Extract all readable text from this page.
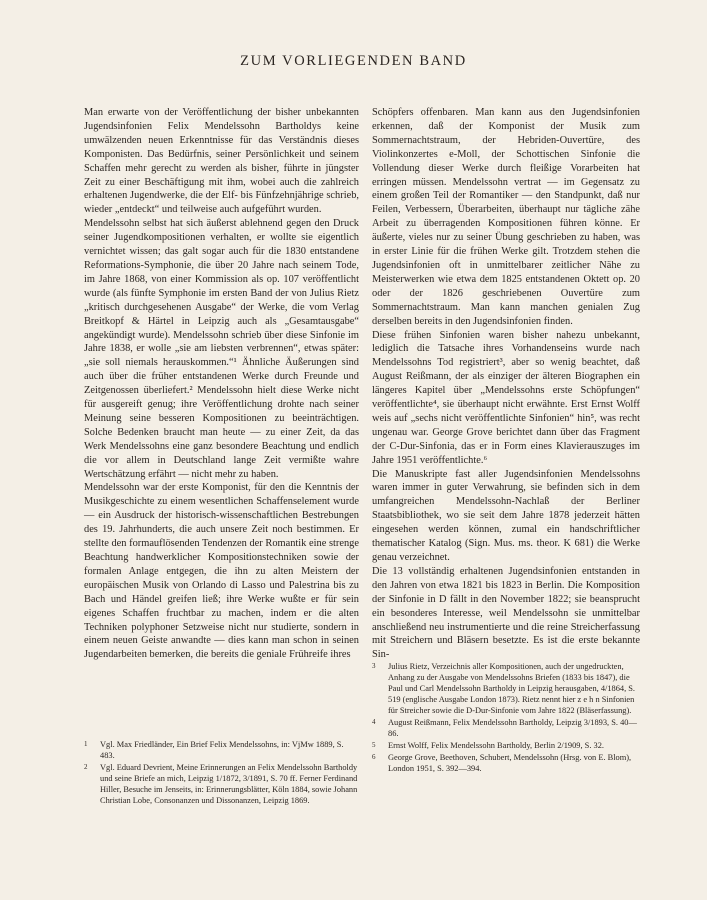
ZUM VORLIEGENDEN BAND

Man erwarte von der Veröffentlichung der bisher unbekannten Jugendsinfonien Felix Mendelssohn Bartholdys keine umwälzenden neuen Erkenntnisse für das Verständnis dieses Komponisten. Das Bedürfnis, seiner Persönlichkeit und seinem Schaffen mehr gerecht zu werden als bisher, führte in jüngster Zeit zu einer Beschäftigung mit ihm, wobei auch die zahlreich erhaltenen Jugendwerke, die der Elf- bis Fünfzehnjährige schrieb, wieder „entdeckt“ und teilweise auch aufgeführt wurden.

Mendelssohn selbst hat sich äußerst ablehnend gegen den Druck seiner Jugendkompositionen verhalten, er wollte sie eigentlich vernichtet wissen; das galt sogar auch für die 1830 entstandene Reformations-Symphonie, die über 20 Jahre nach seinem Tode, im Jahre 1868, von einer Kommission als op. 107 veröffentlicht wurde (als fünfte Symphonie im ersten Band der von Julius Rietz „kritisch durchgesehenen Ausgabe“ der Werke, die vom Verlag Breitkopf & Härtel in Leipzig auch als „Gesamtausgabe“ angekündigt wurde). Mendelssohn schrieb über diese Sinfonie im Jahre 1838, er wolle „sie am liebsten verbrennen“, etwas später: „sie soll niemals herauskommen.“¹ Ähnliche Äußerungen sind auch über die früher entstandenen Werke durch Freunde und Zeitgenossen überliefert.² Mendelssohn hielt diese Werke nicht für ausgereift genug; ihre Veröffentlichung drohte nach seiner Meinung seine besseren Kompositionen zu beeinträchtigen. Solche Bedenken braucht man heute — zu einer Zeit, da das Werk Mendelssohns eine ganz besondere Beachtung und endlich die vor allem in Deutschland lange Zeit vermißte wahre Wertschätzung erfährt — nicht mehr zu haben.

Mendelssohn war der erste Komponist, für den die Kenntnis der Musikgeschichte zu einem wesentlichen Schaffenselement wurde — ein Ausdruck der historisch-wissenschaftlichen Bestrebungen des 19. Jahrhunderts, die auch unsere Zeit noch bestimmen. Er stellte den formauflösenden Tendenzen der Romantik eine strenge Beachtung handwerklicher Kompositionstechniken sowie der formalen Anlage entgegen, die ihn zu alten Meistern der europäischen Musik von Orlando di Lasso und Palestrina bis zu Bach und Händel greifen ließ; ihre Werke wußte er für sein eigenes Schaffen fruchtbar zu machen, indem er die alten Techniken polyphoner Setzweise nicht nur studierte, sondern in einem neuen Geiste anwandte — dies kann man schon in seinen Jugendarbeiten bemerken, die bereits die geniale Frühreife ihres

Schöpfers offenbaren. Man kann aus den Jugendsinfonien erkennen, daß der Komponist der Musik zum Sommernachtstraum, der Hebriden-Ouvertüre, des Violinkonzertes e-Moll, der Schottischen Sinfonie die Vollendung dieser Werke durch fleißige Vorarbeiten hat erringen müssen. Mendelssohn vertrat — im Gegensatz zu einem großen Teil der Romantiker — den Standpunkt, daß nur Feilen, Verbessern, Überarbeiten, überhaupt nur tägliche zähe Arbeit zu überragenden Kompositionen führen könne. Er äußerte, vieles nur zu seiner Übung geschrieben zu haben, was in erster Linie für die frühen Werke gilt. Trotzdem stehen die Jugendsinfonien oft in unmittelbarer zeitlicher Nähe zu Meisterwerken wie etwa dem 1825 entstandenen Oktett op. 20 oder der 1826 geschriebenen Ouvertüre zum Sommernachtstraum. Man kann manchen genialen Zug derselben bereits in den Jugendsinfonien finden.

Diese frühen Sinfonien waren bisher nahezu unbekannt, lediglich die Tatsache ihres Vorhandenseins wurde nach Mendelssohns Tod registriert³, aber so wenig beachtet, daß August Reißmann, der als einziger der älteren Biographen ein längeres Kapitel über „Mendelssohns erste Schöpfungen“ veröffentlichte⁴, sie überhaupt nicht erwähnte. Erst Ernst Wolff weis auf „sechs nicht veröffentlichte Sinfonien“ hin⁵, was recht ungenau war. George Grove berichtet dann über das Fragment der C-Dur-Sinfonia, das er in Form eines Klavierauszuges im Jahre 1951 veröffentlichte.⁶

Die Manuskripte fast aller Jugendsinfonien Mendelssohns waren immer in guter Verwahrung, sie befinden sich in dem umfangreichen Mendelssohn-Nachlaß der Berliner Staatsbibliothek, wo sie seit dem Jahre 1878 jederzeit hätten eingesehen werden können, zumal ein handschriftlicher thematischer Katalog (Sign. Mus. ms. theor. K 681) die Werke genau verzeichnet.

Die 13 vollständig erhaltenen Jugendsinfonien entstanden in den Jahren von etwa 1821 bis 1823 in Berlin. Die Komposition der Sinfonie in D fällt in den November 1822; sie beansprucht ein besonderes Interesse, weil Mendelssohn sie unmittelbar anschließend neu instrumentierte und die reine Streicherfassung mit Streichern und Bläsern besetzte. Es ist die erste bekannte Sin-

1 Vgl. Max Friedländer, Ein Brief Felix Mendelssohns, in: VjMw 1889, S. 483.
2 Vgl. Eduard Devrient, Meine Erinnerungen an Felix Mendelssohn Bartholdy und seine Briefe an mich, Leipzig 1/1872, 3/1891, S. 70 ff. Ferner Ferdinand Hiller, Besuche im Jenseits, in: Erinnerungsblätter, Köln 1884, sowie Johann Christian Lobe, Consonanzen und Dissonanzen, Leipzig 1869.
3 Julius Rietz, Verzeichnis aller Kompositionen, auch der ungedruckten, Anhang zu der Ausgabe von Mendelssohns Briefen (1833 bis 1847), die Paul und Carl Mendelssohn Bartholdy in Leipzig herausgaben, 4/1864, S. 519 (englische Ausgabe London 1873). Rietz nennt hier z e h n Sinfonien für Streicher sowie die D-Dur-Sinfonie vom Jahre 1822 (Bläserfassung).
4 August Reißmann, Felix Mendelssohn Bartholdy, Leipzig 3/1893, S. 40—86.
5 Ernst Wolff, Felix Mendelssohn Bartholdy, Berlin 2/1909, S. 32.
6 George Grove, Beethoven, Schubert, Mendelssohn (Hrsg. von E. Blom), London 1951, S. 392—394.
